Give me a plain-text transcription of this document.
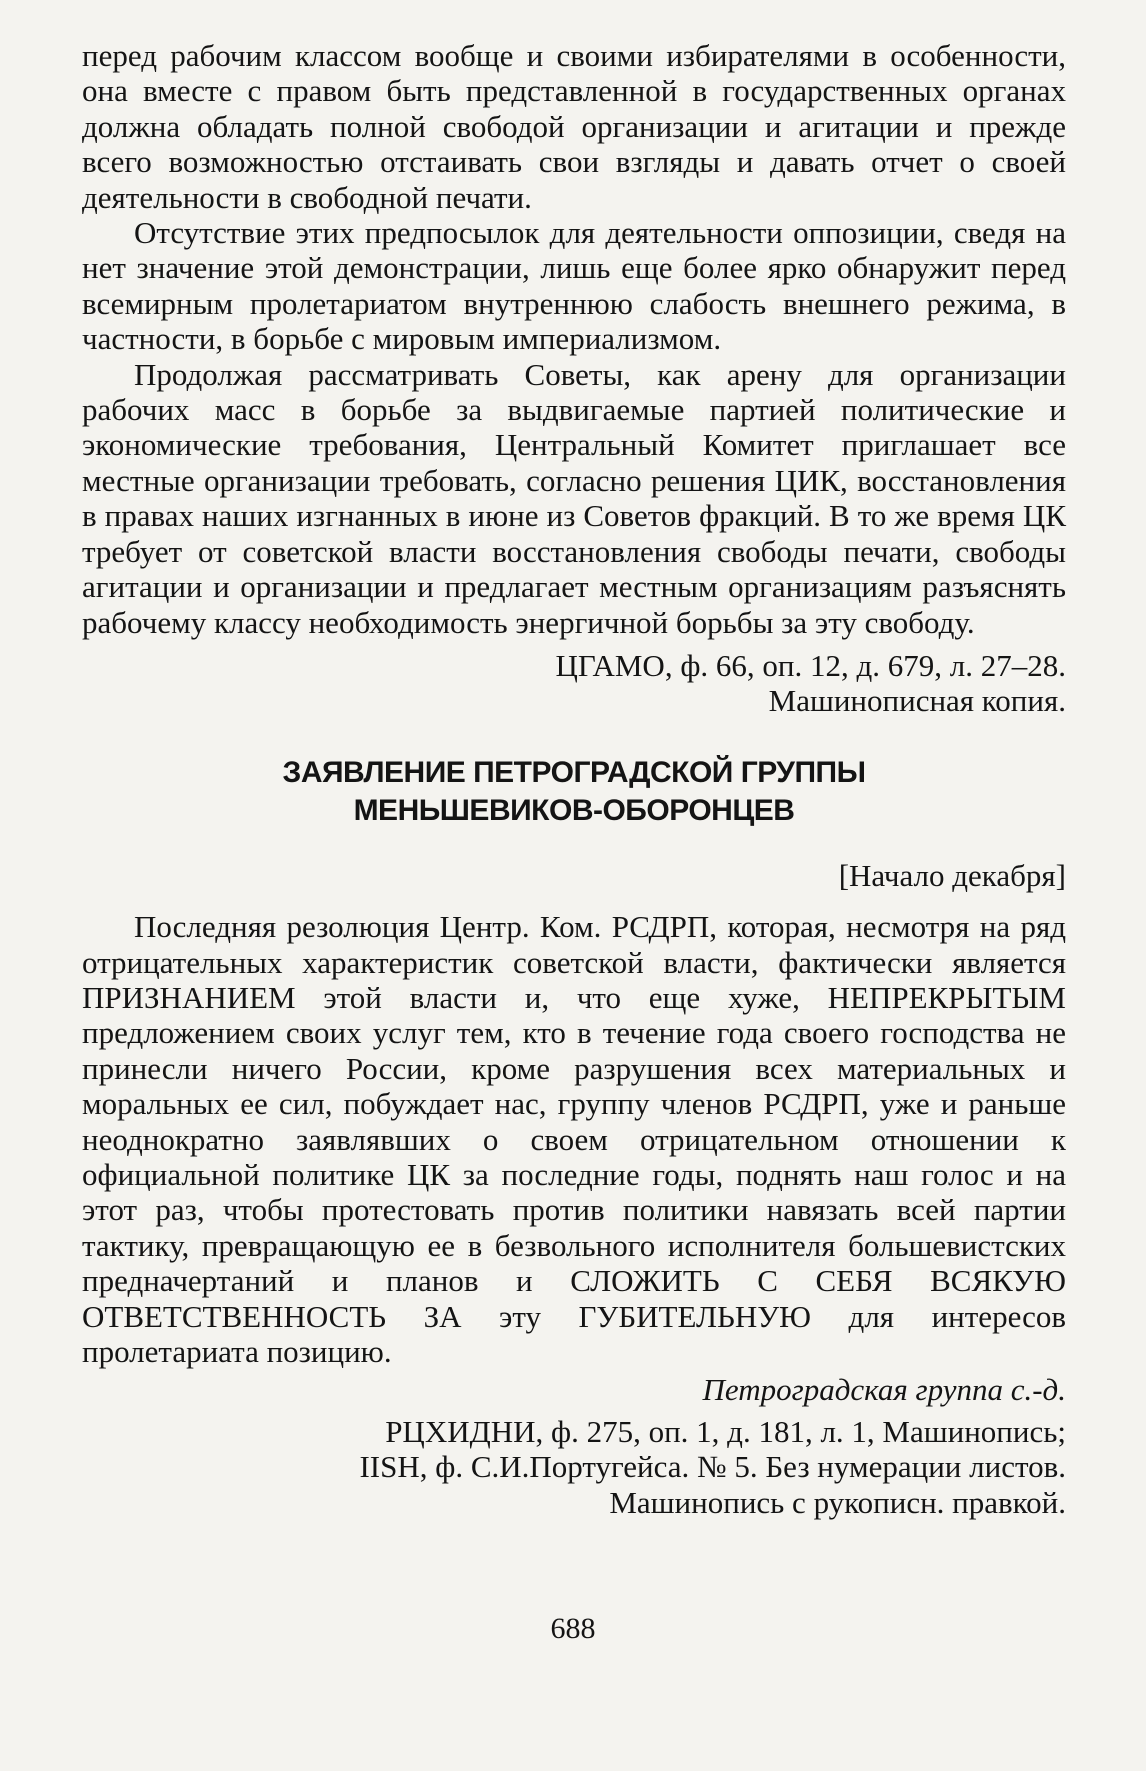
перед рабочим классом вообще и своими избирателями в особенности, она вместе с правом быть представленной в государственных органах должна обладать полной свободой организации и агитации и прежде всего возможностью отстаивать свои взгляды и давать отчет о своей деятельности в свободной печати.

Отсутствие этих предпосылок для деятельности оппозиции, сведя на нет значение этой демонстрации, лишь еще более ярко обнаружит перед всемирным пролетариатом внутреннюю слабость внешнего режима, в частности, в борьбе с мировым империализмом.

Продолжая рассматривать Советы, как арену для организации рабочих масс в борьбе за выдвигаемые партией политические и экономические требования, Центральный Комитет приглашает все местные организации требовать, согласно решения ЦИК, восстановления в правах наших изгнанных в июне из Советов фракций. В то же время ЦК требует от советской власти восстановления свободы печати, свободы агитации и организации и предлагает местным организациям разъяснять рабочему классу необходимость энергичной борьбы за эту свободу.

ЦГАМО, ф. 66, оп. 12, д. 679, л. 27–28.

Машинописная копия.

ЗАЯВЛЕНИЕ ПЕТРОГРАДСКОЙ ГРУППЫ
МЕНЬШЕВИКОВ-ОБОРОНЦЕВ

[Начало декабря]

Последняя резолюция Центр. Ком. РСДРП, которая, несмотря на ряд отрицательных характеристик советской власти, фактически является ПРИЗНАНИЕМ этой власти и, что еще хуже, НЕПРЕКРЫТЫМ предложением своих услуг тем, кто в течение года своего господства не принесли ничего России, кроме разрушения всех материальных и моральных ее сил, побуждает нас, группу членов РСДРП, уже и раньше неоднократно заявлявших о своем отрицательном отношении к официальной политике ЦК за последние годы, поднять наш голос и на этот раз, чтобы протестовать против политики навязать всей партии тактику, превращающую ее в безвольного исполнителя большевистских предначертаний и планов и СЛОЖИТЬ С СЕБЯ ВСЯКУЮ ОТВЕТСТВЕННОСТЬ ЗА эту ГУБИТЕЛЬНУЮ для интересов пролетариата позицию.

Петроградская группа с.-д.

РЦХИДНИ, ф. 275, оп. 1, д. 181, л. 1, Машинопись;

IISH, ф. С.И.Португейса. № 5. Без нумерации листов.

Машинопись с рукописн. правкой.

688
